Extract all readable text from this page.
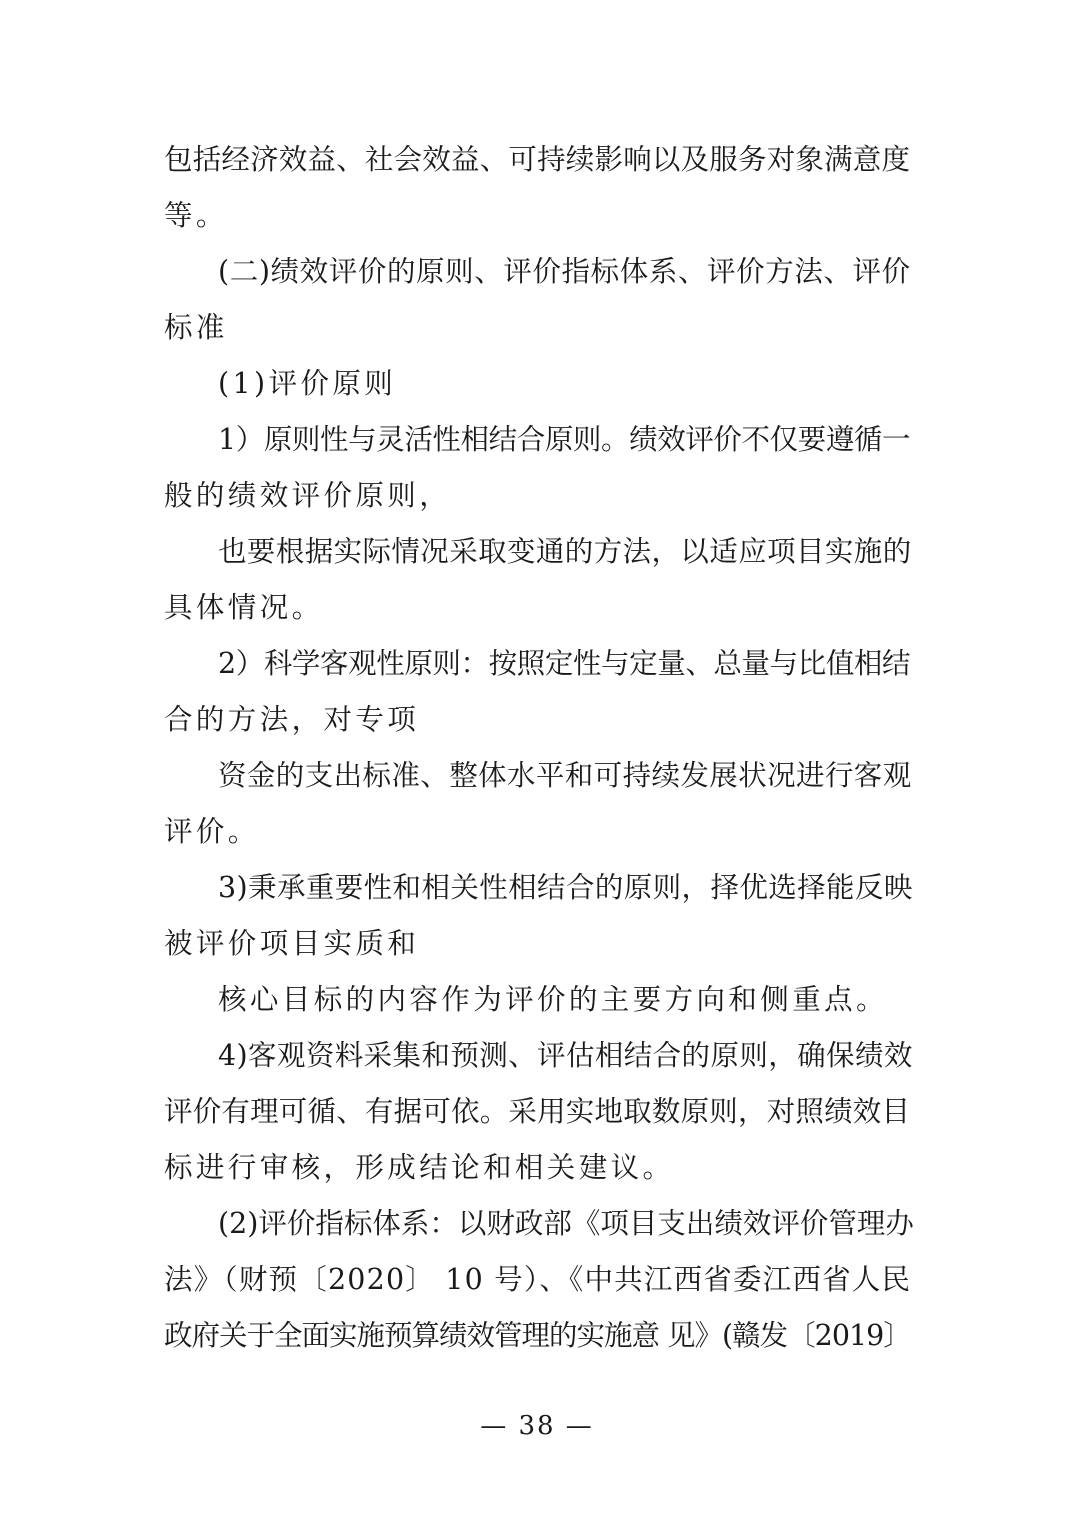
包括经济效益、社会效益、可持续影响以及服务对象满意度
等。
(二)绩效评价的原则、评价指标体系、评价方法、评价
标准
(1)评价原则
1）原则性与灵活性相结合原则。绩效评价不仅要遵循一
般的绩效评价原则，
也要根据实际情况采取变通的方法，以适应项目实施的
具体情况。
2）科学客观性原则：按照定性与定量、总量与比值相结
合的方法，对专项
资金的支出标准、整体水平和可持续发展状况进行客观
评价。
3)秉承重要性和相关性相结合的原则，择优选择能反映
被评价项目实质和
核心目标的内容作为评价的主要方向和侧重点。
4)客观资料采集和预测、评估相结合的原则，确保绩效
评价有理可循、有据可依。采用实地取数原则，对照绩效目
标进行审核，形成结论和相关建议。
(2)评价指标体系：以财政部《项目支出绩效评价管理办
法》（财预〔2020〕 10 号）、《中共江西省委江西省人民
政府关于全面实施预算绩效管理的实施意 见》(赣发〔2019〕
— 38 —
